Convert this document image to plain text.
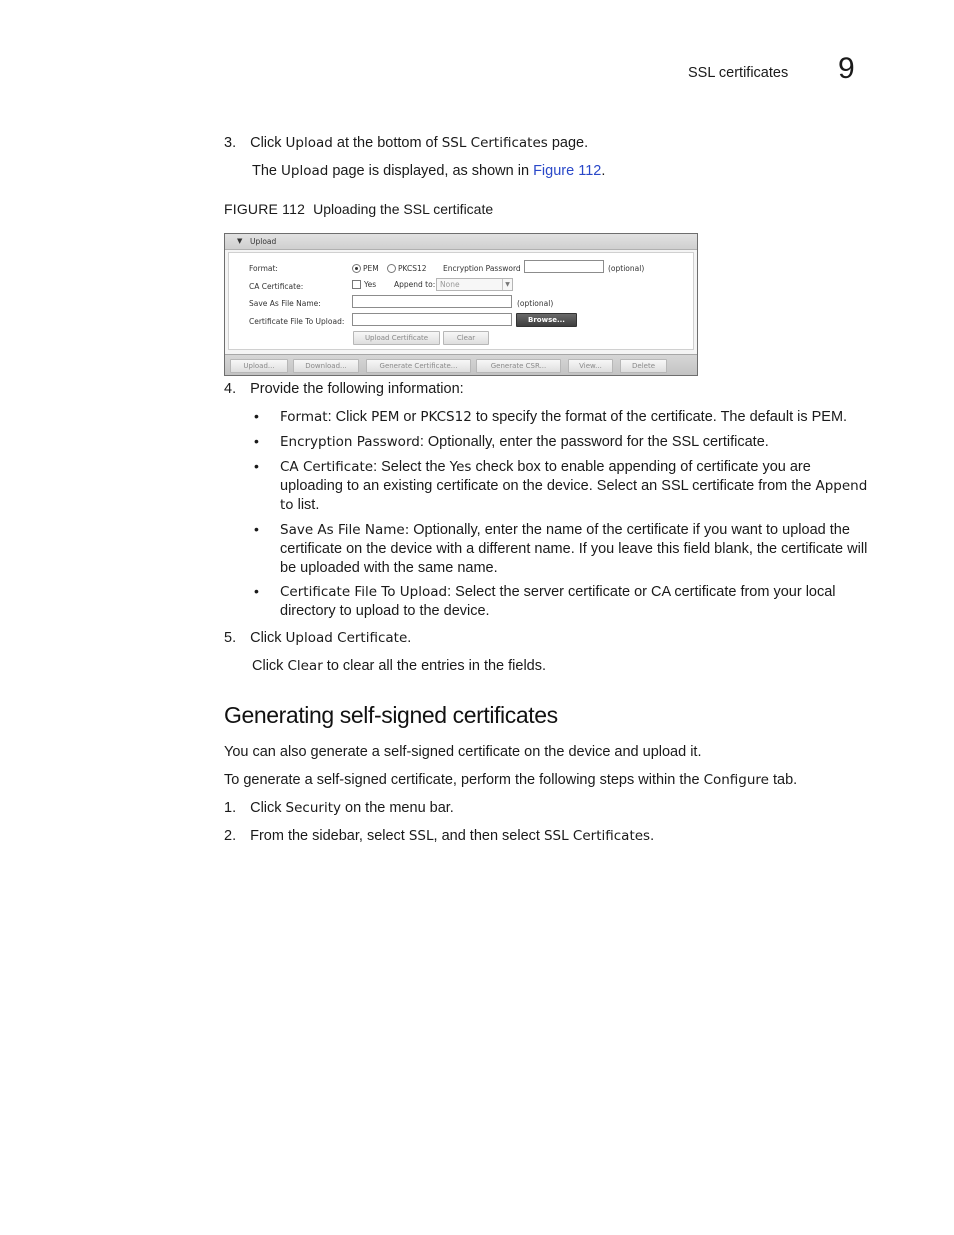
SSL certificates 9
3. Click Upload at the bottom of SSL Certificates page.
The Upload page is displayed, as shown in Figure 112.
FIGURE 112 Uploading the SSL certificate
▼ Upload
Format:	PEM	PKCS12 Encryption Password	(optional)
CA Certificate:	Yes Append to: None	▼
Save As File Name:	(optional)
Certificate File To Upload:	Browse...
Upload Certificate	Clear
Upload...	Download...	Generate Certificate...	Generate CSR...	View...	Delete
4. Provide the following information:
• Format: Click PEM or PKCS12 to specify the format of the certificate. The default is PEM.
• Encryption Password: Optionally, enter the password for the SSL certificate.
• CA Certificate: Select the Yes check box to enable appending of certificate you are uploading to an existing certificate on the device. Select an SSL certificate from the Append to list.
• Save As File Name: Optionally, enter the name of the certificate if you want to upload the certificate on the device with a different name. If you leave this field blank, the certificate will be uploaded with the same name.
• Certificate File To Upload: Select the server certificate or CA certificate from your local directory to upload to the device.
5. Click Upload Certificate.
Click Clear to clear all the entries in the fields.
Generating self-signed certificates
You can also generate a self-signed certificate on the device and upload it.
To generate a self-signed certificate, perform the following steps within the Configure tab.
1. Click Security on the menu bar.
2. From the sidebar, select SSL, and then select SSL Certificates.
